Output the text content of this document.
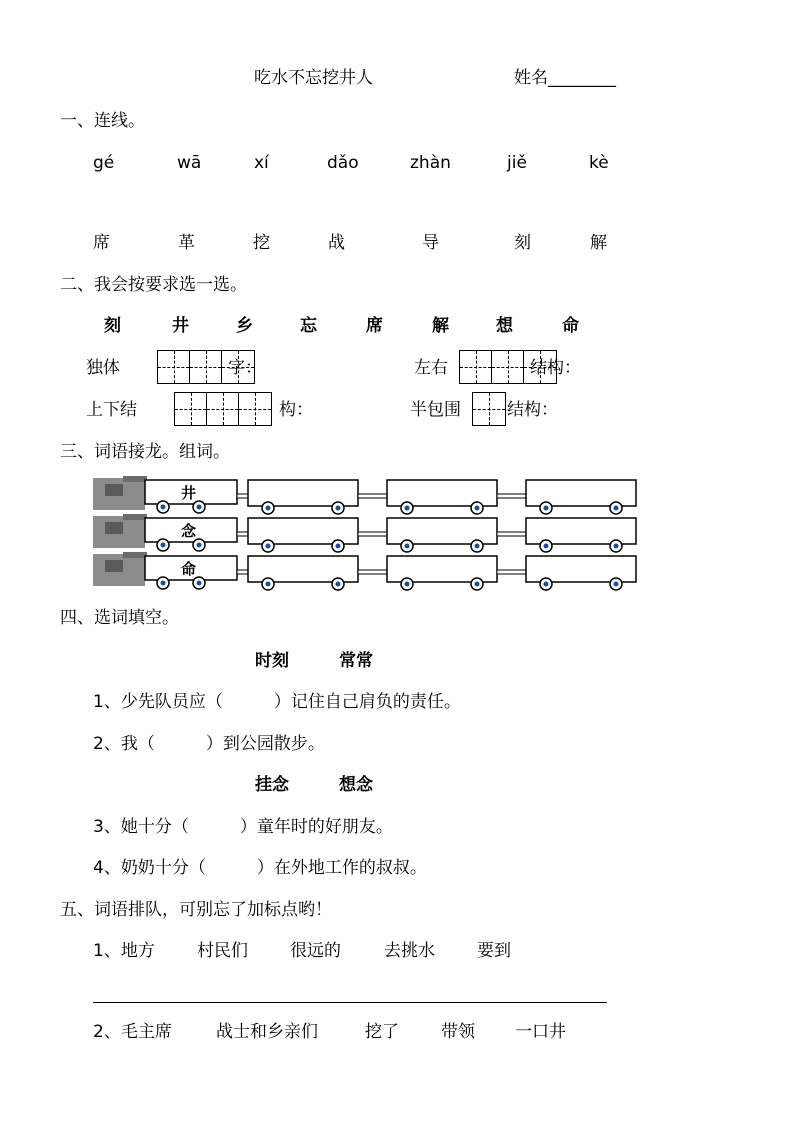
吃水不忘挖井人	姓名________
一、连线。
gé	wā	xí	dǎo	zhàn	jiě	kè
席	革	挖	战	导	刻	解
二、我会按要求选一选。
刻	井	乡	忘	席	解	想	命
独体	字：	左右	结构：
上下结	构：	半包围	结构：
三、词语接龙。组词。
井
念
命
四、选词填空。
时刻	常常
1、少先队员应（　　　）记住自己肩负的责任。
2、我（　　　）到公园散步。
挂念	想念
3、她十分（　　　）童年时的好朋友。
4、奶奶十分（　　　）在外地工作的叔叔。
五、词语排队，可别忘了加标点哟！
1、地方 村民们 很远的	去挑水 要到
2、毛主席	战士和乡亲们	挖了 带领 一口井
